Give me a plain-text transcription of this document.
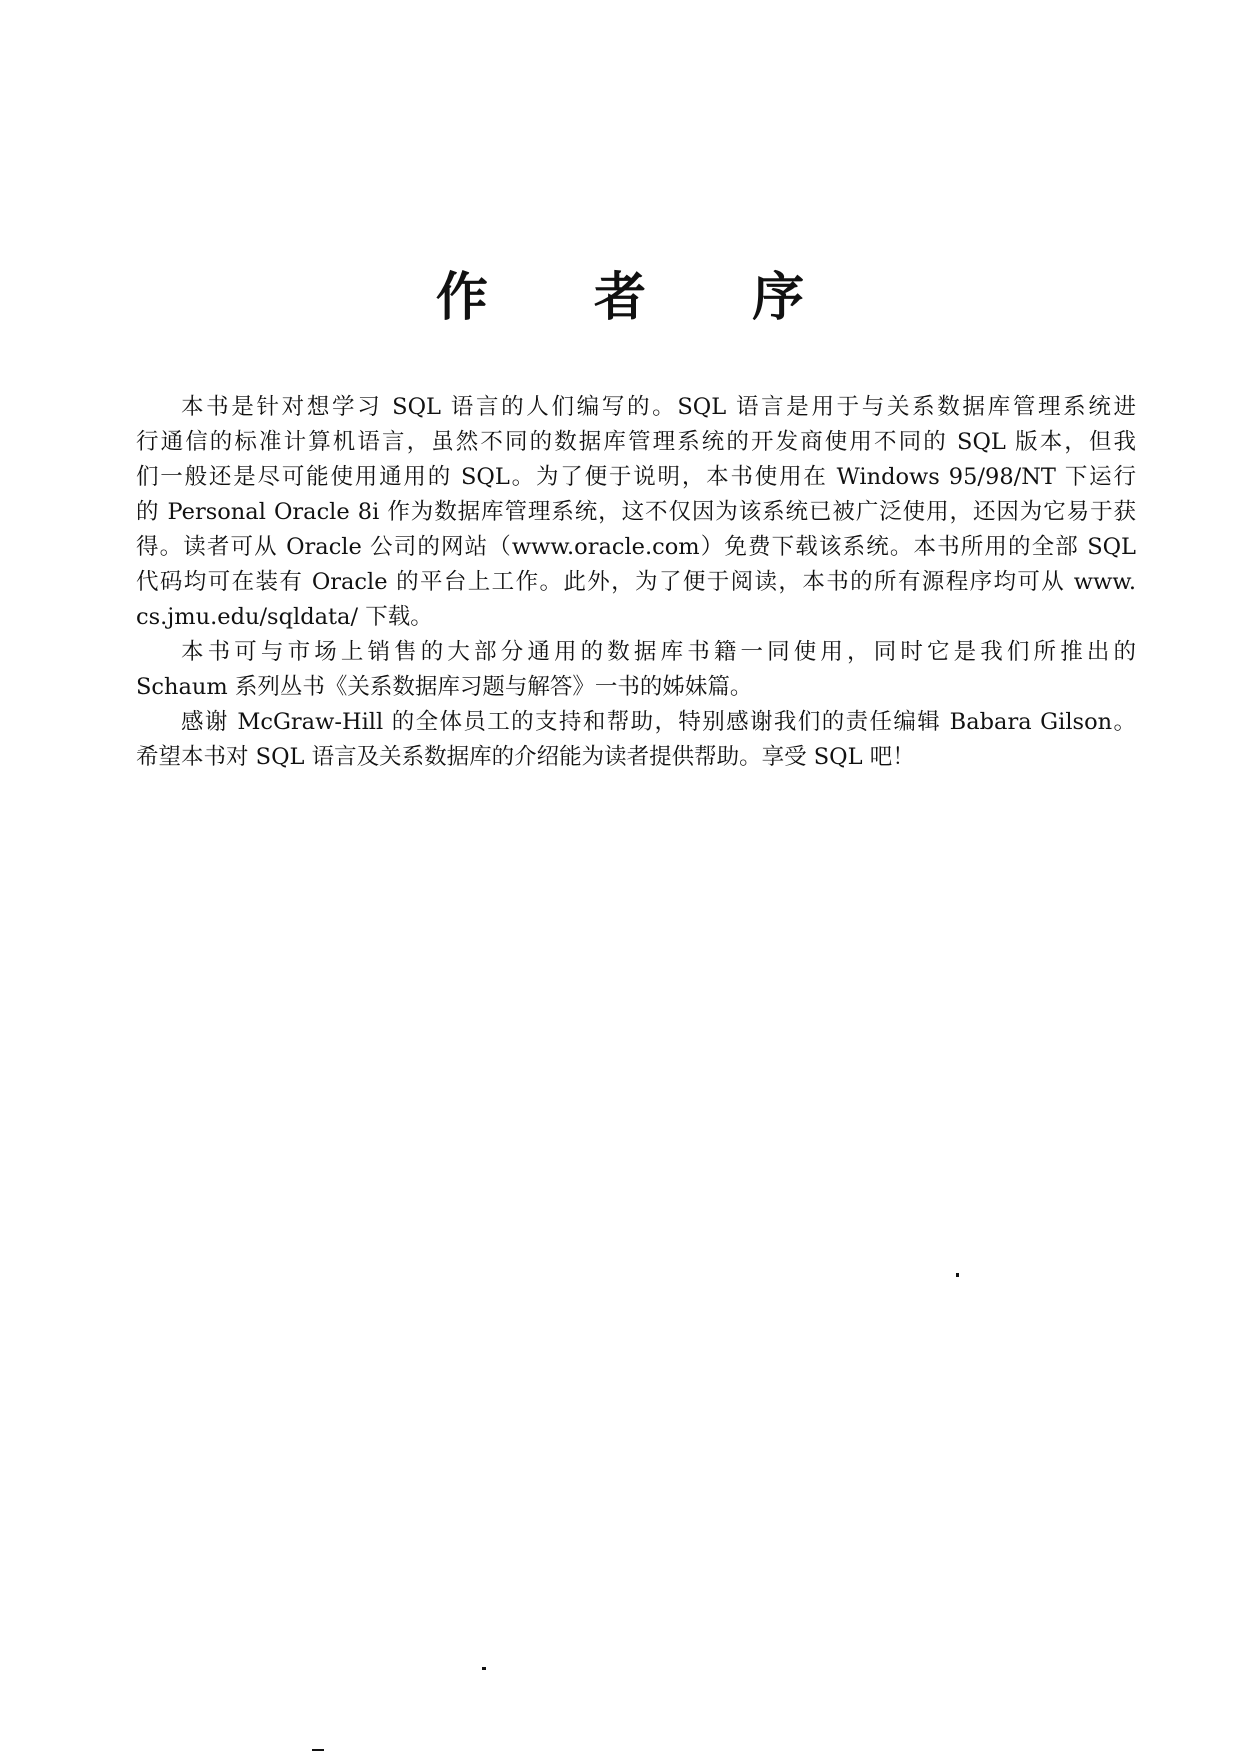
作 者 序
本书是针对想学习 SQL 语言的人们编写的。SQL 语言是用于与关系数据库管理系统进
行通信的标准计算机语言，虽然不同的数据库管理系统的开发商使用不同的 SQL 版本，但我
们一般还是尽可能使用通用的 SQL。为了便于说明，本书使用在 Windows 95/98/NT 下运行
的 Personal Oracle 8i 作为数据库管理系统，这不仅因为该系统已被广泛使用，还因为它易于获
得。读者可从 Oracle 公司的网站（www.oracle.com）免费下载该系统。本书所用的全部 SQL
代码均可在装有 Oracle 的平台上工作。此外，为了便于阅读，本书的所有源程序均可从 www.
cs.jmu.edu/sqldata/ 下载。
本书可与市场上销售的大部分通用的数据库书籍一同使用，同时它是我们所推出的
Schaum 系列丛书《关系数据库习题与解答》一书的姊妹篇。
感谢 McGraw-Hill 的全体员工的支持和帮助，特别感谢我们的责任编辑 Babara Gilson。
希望本书对 SQL 语言及关系数据库的介绍能为读者提供帮助。享受 SQL 吧！
